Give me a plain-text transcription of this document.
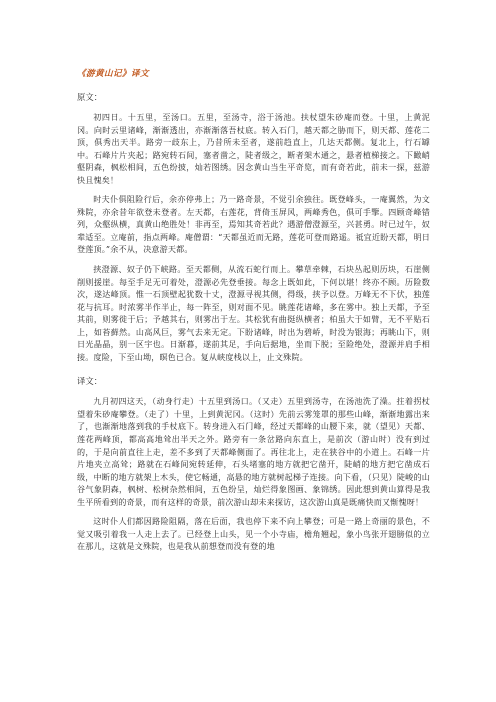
《游黄山记》译文
原文：

初四日。十五里，至汤口。五里，至汤寺，浴于汤池。扶杖望朱砂庵而登。十里，上黄泥冈。向时云里诸峰，渐渐透出，亦渐渐落吾杖底。转入石门，越天都之胁而下，则天都、莲花二顶，俱秀出天半。路旁一歧东上，乃昔所未至者，遂前趋直上，几达天都侧。复北上，行石罅中。石峰片片夹起；路宛转石间，塞者凿之，陡者级之，断者架木通之，悬者植梯接之。下瞰峭壑阴森，枫松相间，五色纷披，灿若图绣。因念黄山当生平奇览，而有奇若此，前未一探，兹游快且愧矣！

时夫仆俱阻险行后，余亦停弗上；乃一路奇景，不觉引余独往。既登峰头，一庵翼然，为文殊院，亦余昔年欲登未登者。左天都，右莲花，背倚玉屏风，两峰秀色，俱可手擥。四顾奇峰错列，众壑纵横，真黄山绝胜处！非再至，焉知其奇若此？遇游僧澄源至，兴甚勇。时已过午，奴辈适至。立庵前，指点两峰。庵僧谓：“天都虽近而无路，莲花可登而路遥。祗宜近盼天都，明日登莲顶。”余不从，决意游天都。

挟澄源、奴子仍下峡路。至天都侧，从流石蛇行而上。攀草牵棘，石块丛起则历块，石崖侧削则援崖。每至手足无可着处，澄源必先登垂接。每念上既如此，下何以堪！终亦不顾。历险数次，遂达峰顶。惟一石顶壁起犹数十丈，澄源寻视其侧，得级，挟予以登。万峰无不下伏，独莲花与抗耳。时浓雾半作半止，每一阵至，则对面不见。眺莲花诸峰，多在雾中。独上天都，予至其前，则雾徙于后；予越其右，则雾出于左。其松犹有曲挺纵横者；柏虽大于如臂，无不平贴石上，如苔藓然。山高风巨，雾气去来无定。下盼诸峰，时出为碧峤，时没为银海；再眺山下，则日光晶晶，别一区宇也。日渐暮，遂前其足，手向后据地，坐而下脱；至险绝处，澄源并肩手相接。度险，下至山坳，暝色已合。复从峡度栈以上，止文殊院。

译文：

九月初四这天，（动身行走）十五里到汤口。（又走）五里到汤寺，在汤池洗了澡。拄着拐杖望着朱砂庵攀登。（走了）十里，上到黄泥冈。（这时）先前云雾笼罩的那些山峰，渐渐地露出来了，也渐渐地落到我的手杖底下。转身进入石门峰，经过天都峰的山腰下来，就（望见）天都、莲花两峰顶，都高高地耸出半天之外。路旁有一条岔路向东直上，是前次（游山时）没有到过的，于是向前直往上走，差不多到了天都峰侧面了。再往北上，走在狭谷中的小道上。石峰一片片地夹立高耸；路就在石峰间宛转延伸，石头堵塞的地方就把它凿开，陡峭的地方把它凿成石级，中断的地方就架上木头，使它畅通，高悬的地方就树起梯子连接。向下看，（只见）陡峻的山谷气象阴森，枫树、松树杂然相间，五色纷呈，灿烂得象图画、象锦绣。因此想到黄山算得是我生平所看到的奇景，而有这样的奇景，前次游山却未来探访，这次游山真是既痛快而又惭愧呀！

这时仆人们都因路险阻隔，落在后面，我也停下来不向上攀登；可是一路上奇丽的景色，不觉又吸引着我一人走上去了。已经登上山头，见一个小寺庙，檐角翘起，象小鸟张开翅膀似的立在那儿，这就是文殊院，也是我从前想登而没有登的地
